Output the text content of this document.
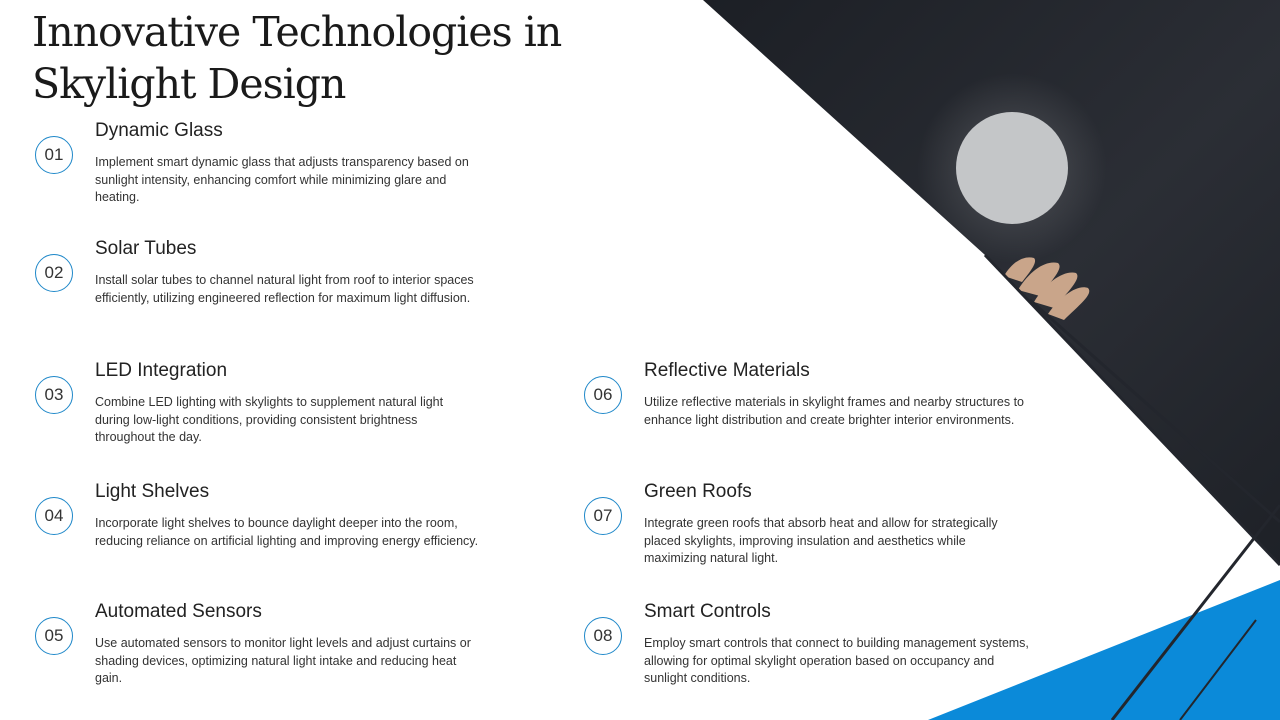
Innovative Technologies in Skylight Design
01
Dynamic Glass

Implement smart dynamic glass that adjusts transparency based on sunlight intensity, enhancing comfort while minimizing glare and heating.

02
Solar Tubes

Install solar tubes to channel natural light from roof to interior spaces efficiently, utilizing engineered reflection for maximum light diffusion.

03
LED Integration

Combine LED lighting with skylights to supplement natural light during low-light conditions, providing consistent brightness throughout the day.

04
Light Shelves

Incorporate light shelves to bounce daylight deeper into the room, reducing reliance on artificial lighting and improving energy efficiency.

05
Automated Sensors

Use automated sensors to monitor light levels and adjust curtains or shading devices, optimizing natural light intake and reducing heat gain.

06
Reflective Materials

Utilize reflective materials in skylight frames and nearby structures to enhance light distribution and create brighter interior environments.

07
Green Roofs

Integrate green roofs that absorb heat and allow for strategically placed skylights, improving insulation and aesthetics while maximizing natural light.

08
Smart Controls

Employ smart controls that connect to building management systems, allowing for optimal skylight operation based on occupancy and sunlight conditions.
